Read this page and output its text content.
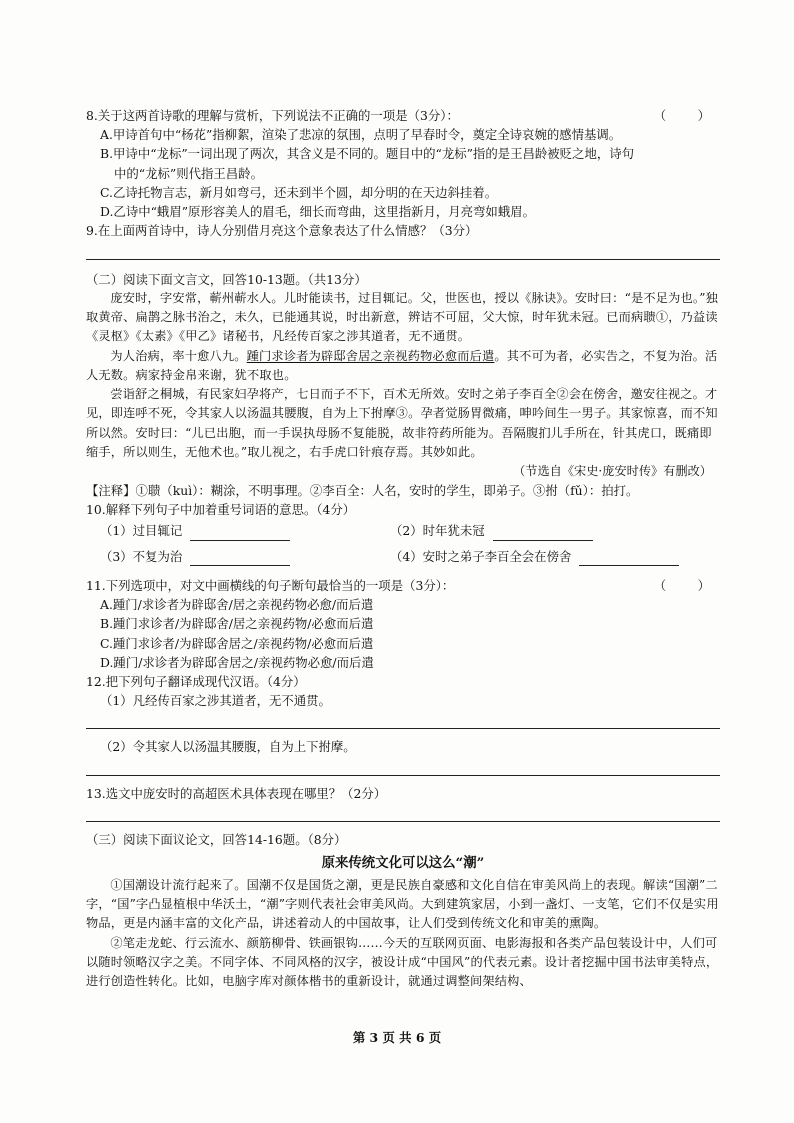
8.关于这两首诗歌的理解与赏析，下列说法不正确的一项是（3分）：	（        ）

A.甲诗首句中“杨花”指柳絮，渲染了悲凉的氛围，点明了早春时令，奠定全诗哀婉的感情基调。

B.甲诗中“龙标”一词出现了两次，其含义是不同的。题目中的“龙标”指的是王昌龄被贬之地，诗句

中的“龙标”则代指王昌龄。

C.乙诗托物言志，新月如弯弓，还未到半个圆，却分明的在天边斜挂着。

D.乙诗中“蛾眉”原形容美人的眉毛，细长而弯曲，这里指新月，月亮弯如蛾眉。

9.在上面两首诗中，诗人分别借月亮这个意象表达了什么情感？（3分）

（二）阅读下面文言文，回答10-13题。（共13分）

庞安时，字安常，蕲州蕲水人。儿时能读书，过目辄记。父，世医也，授以《脉诀》。安时曰：“是不足为也。”独取黄帝、扁鹊之脉书治之，未久，已能通其说，时出新意，辨诘不可屈，父大惊，时年犹未冠。已而病聩①，乃益读《灵枢》《太素》《甲乙》诸秘书，凡经传百家之涉其道者，无不通贯。

为人治病，率十愈八九。踵门求诊者为辟邸舍居之亲视药物必愈而后遣。其不可为者，必实告之，不复为治。活人无数。病家持金帛来谢，犹不取也。

尝诣舒之桐城，有民家妇孕将产，七日而子不下，百术无所效。安时之弟子李百全②会在傍舍，邀安往视之。才见，即连呼不死，令其家人以汤温其腰腹，自为上下拊摩③。孕者觉肠胃微痛，呻吟间生一男子。其家惊喜，而不知所以然。安时曰：“儿已出胞，而一手误执母肠不复能脱，故非符药所能为。吾隔腹扪儿手所在，针其虎口，既痛即缩手，所以则生，无他术也。”取儿视之，右手虎口针痕存焉。其妙如此。

（节选自《宋史·庞安时传》有删改）

【注释】①聩（kuì）：糊涂，不明事理。②李百全：人名，安时的学生，即弟子。③拊（fǔ）：拍打。

10.解释下列句子中加着重号词语的意思。（4分）

（1）过目辄记	（2）时年犹未冠
（3）不复为治	（4）安时之弟子李百全会在傍舍

11.下列选项中，对文中画横线的句子断句最恰当的一项是（3分）：	（        ）

A.踵门/求诊者为辟邸舍/居之亲视药物必愈/而后遣

B.踵门求诊者/为辟邸舍/居之亲视药物/必愈而后遣

C.踵门求诊者/为辟邸舍居之/亲视药物/必愈而后遣

D.踵门/求诊者为辟邸舍居之/亲视药物必愈/而后遣

12.把下列句子翻译成现代汉语。（4分）

（1）凡经传百家之涉其道者，无不通贯。

（2）令其家人以汤温其腰腹，自为上下拊摩。

13.选文中庞安时的高超医术具体表现在哪里？（2分）

（三）阅读下面议论文，回答14-16题。（8分）

原来传统文化可以这么“潮”

①国潮设计流行起来了。国潮不仅是国货之潮，更是民族自豪感和文化自信在审美风尚上的表现。解读“国潮”二字，“国”字凸显植根中华沃土，“潮”字则代表社会审美风尚。大到建筑家居，小到一盏灯、一支笔，它们不仅是实用物品，更是内涵丰富的文化产品，讲述着动人的中国故事，让人们受到传统文化和审美的熏陶。

②笔走龙蛇、行云流水、颜筋柳骨、铁画银钩……今天的互联网页面、电影海报和各类产品包装设计中，人们可以随时领略汉字之美。不同字体、不同风格的汉字，被设计成“中国风”的代表元素。设计者挖掘中国书法审美特点，进行创造性转化。比如，电脑字库对颜体楷书的重新设计，就通过调整间架结构、

第 3 页 共 6 页
